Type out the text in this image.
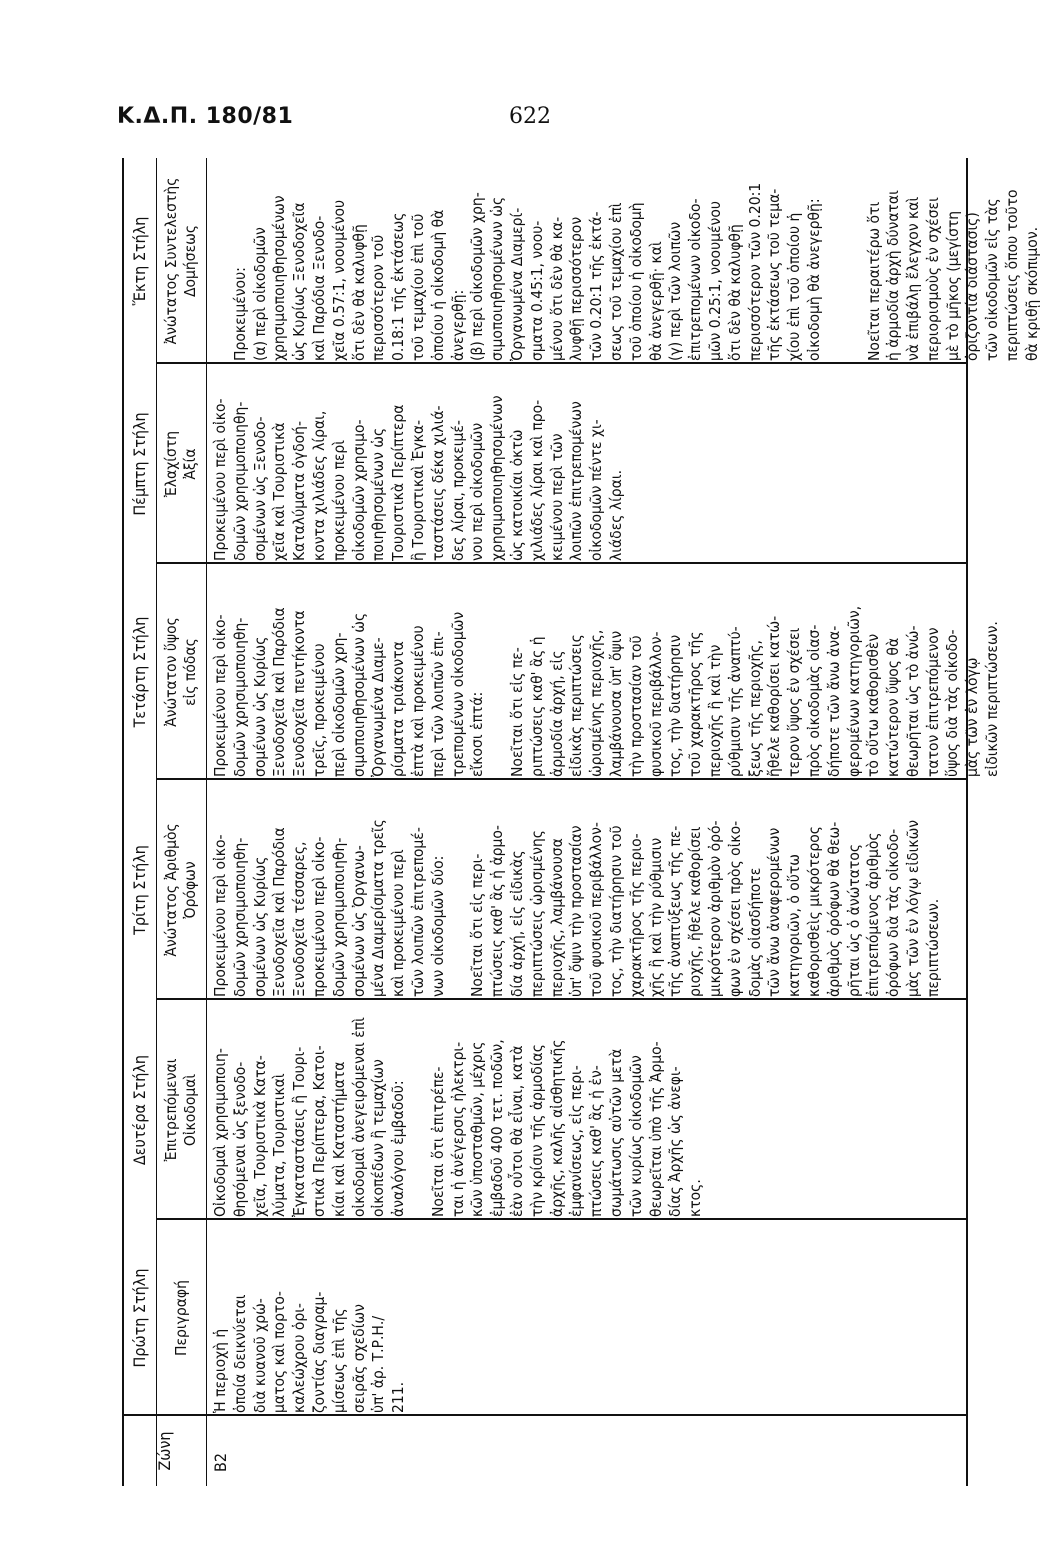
Κ.Δ.Π. 180/81	622
Πρώτη Στήλη
Δευτέρα Στήλη
Τρίτη Στήλη
Τετάρτη Στήλη
Πέμπτη Στήλη
Ἕκτη Στήλη
Ζώνη
Περιγραφή
Ἐπιτρεπόμεναι
Οἰκοδομαὶ
Ἀνώτατος Ἀριθμὸς
Ὀρόφων
Ἀνώτατον ὕψος
εἰς πόδας
Ἐλαχίστη
Ἀξία
Ἀνώτατος Συντελεστὴς
Δομήσεως
Β2
Ἡ περιοχὴ ἡ
ὁποία δεικνύεται
διὰ κυανοῦ χρώ-
ματος καὶ πορτο-
καλεώχρου ὁρι-
ζοντίας διαγραμ-
μίσεως ἐπὶ τῆς
σειρᾶς σχεδίων
ὑπ' ἀρ. Τ.Ρ.Η./
211.
Οἰκοδομαὶ χρησιμοποιη-
θησόμεναι ὡς ξενοδο-
χεῖα, Τουριστικὰ Κατα-
λύματα, Τουριστικαὶ
Ἐγκαταστάσεις ἢ Τουρι-
στικὰ Περίπτερα, Κατοι-
κίαι καὶ Καταστήματα
οἰκοδομαὶ ἀνεγειρόμεναι ἐπὶ
οἰκοπέδων ἢ τεμαχίων
ἀναλόγου ἐμβαδοῦ:

Νοεῖται ὅτι ἐπιτρέπε-
ται ἡ ἀνέγερσις ἠλεκτρι-
κῶν ὑποσταθμῶν, μέχρις
ἐμβαδοῦ 400 τετ. ποδῶν,
ἐὰν οὗτοι θὰ εἶναι, κατὰ
τὴν κρίσιν τῆς ἁρμοδίας
ἀρχῆς, καλῆς αἰσθητικῆς
ἐμφανίσεως, εἰς περι-
πτώσεις καθ' ἃς ἡ ἐν-
σωμάτωσις αὐτῶν μετὰ
τῶν κυρίως οἰκοδομῶν
θεωρεῖται ὑπὸ τῆς Ἁρμο-
δίας Ἀρχῆς ὡς ἀνεφι-
κτος.
Προκειμένου περὶ οἰκο-
δομῶν χρησιμοποιηθη-
σομένων ὡς Κυρίως
Ξενοδοχεῖα καὶ Παρόδια
Ξενοδοχεῖα τέσσαρες,
προκειμένου περὶ οἰκο-
δομῶν χρησιμοποιηθη-
σομένων ὡς Ὀργανω-
μένα Διαμερίσματα τρεῖς
καὶ προκειμένου περὶ
τῶν λοιπῶν ἐπιτρεπομέ-
νων οἰκοδομῶν δύο:

Νοεῖται ὅτι εἰς περι-
πτώσεις καθ' ἃς ἡ ἁρμο-
δία ἀρχή, εἰς εἰδικὰς
περιπτώσεις ὡρισμένης
περιοχῆς, λαμβάνουσα
ὑπ' ὄψιν τὴν προστασίαν
τοῦ φυσικοῦ περιβάλλον-
τος, τὴν διατήρησιν τοῦ
χαρακτῆρος τῆς περιο-
χῆς ἢ καὶ τὴν ρύθμισιν
τῆς ἀναπτύξεως τῆς πε-
ριοχῆς, ἤθελε καθορίσει
μικρότερον ἀριθμὸν ὀρό-
φων ἐν σχέσει πρὸς οἰκο-
δομὰς οἱασδήποτε
τῶν ἄνω ἀναφερομένων
κατηγοριῶν, ὁ οὕτω
καθορισθεὶς μικρότερος
ἀριθμὸς ὀρόφων θὰ θεω-
ρῆται ὡς ὁ ἀνώτατος
ἐπιτρεπόμενος ἀριθμὸς
ὀρόφων διὰ τὰς οἰκοδο-
μὰς τῶν ἐν λόγῳ εἰδικῶν
περιπτώσεων.
Προκειμένου περὶ οἰκο-
δομῶν χρησιμοποιηθη-
σομένων ὡς Κυρίως
Ξενοδοχεῖα καὶ Παρόδια
Ξενοδοχεῖα πεντήκοντα
τρεῖς, προκειμένου
περὶ οἰκοδομῶν χρη-
σιμοποιηθησομένων ὡς
Ὀργανωμένα Διαμε-
ρίσματα τριάκοντα
ἑπτὰ καὶ προκειμένου
περὶ τῶν λοιπῶν ἐπι-
τρεπομένων οἰκοδομῶν
εἴκοσι ἑπτά:

Νοεῖται ὅτι εἰς πε-
ριπτώσεις καθ' ἃς ἡ
ἁρμοδία ἀρχή, εἰς
εἰδικὰς περιπτώσεις
ὡρισμένης περιοχῆς,
λαμβάνουσα ὑπ' ὄψιν
τὴν προστασίαν τοῦ
φυσικοῦ περιβάλλον-
τος, τὴν διατήρησιν
τοῦ χαρακτῆρος τῆς
περιοχῆς ἢ καὶ τὴν
ρύθμισιν τῆς ἀναπτύ-
ξεως τῆς περιοχῆς,
ἤθελε καθορίσει κατώ-
τερον ὕψος ἐν σχέσει
πρὸς οἰκοδομὰς οἱασ-
δήποτε τῶν ἄνω ἀνα-
φερομένων κατηγοριῶν,
τὸ οὕτω καθορισθὲν
κατώτερον ὕψος θὰ
θεωρῆται ὡς τὸ ἀνώ-
τατον ἐπιτρεπόμενον
ὕψος διὰ τὰς οἰκοδο-
μὰς τῶν ἐν λόγῳ
εἰδικῶν περιπτώσεων.
Προκειμένου περὶ οἰκο-
δομῶν χρησιμοποιηθη-
σομένων ὡς Ξενοδο-
χεῖα καὶ Τουριστικὰ
Καταλύματα ὀγδοή-
κοντα χιλιάδες λίραι,
προκειμένου περὶ
οἰκοδομῶν χρησιμο-
ποιηθησομένων ὡς
Τουριστικὰ Περίπτερα
ἢ Τουριστικαὶ Ἐγκα-
ταστάσεις δέκα χιλιά-
δες λίραι, προκειμέ-
νου περὶ οἰκοδομῶν
χρησιμοποιηθησομένων
ὡς κατοικίαι ὀκτὼ
χιλιάδες λίραι καὶ προ-
κειμένου περὶ τῶν
λοιπῶν ἐπιτρεπομένων
οἰκοδομῶν πέντε χι-
λιάδες λίραι.

Προκειμένου:
(α) περὶ οἰκοδομῶν
χρησιμοποιηθησομένων
ὡς Κυρίως Ξενοδοχεῖα
καὶ Παρόδια Ξενοδο-
χεῖα 0.57:1, νοουμένου
ὅτι δὲν θὰ καλυφθῇ
περισσότερον τοῦ
0.18:1 τῆς ἐκτάσεως
τοῦ τεμαχίου ἐπὶ τοῦ
ὁποίου ἡ οἰκοδομὴ θὰ
ἀνεγερθῇ:
(β) περὶ οἰκοδομῶν χρη-
σιμοποιηθησομένων ὡς
Ὀργανωμένα Διαμερί-
σματα 0.45:1, νοου-
μένου ὅτι δὲν θὰ κα-
λυφθῇ περισσότερον
τῶν 0.20:1 τῆς ἐκτά-
σεως τοῦ τεμαχίου ἐπὶ
τοῦ ὁποίου ἡ οἰκοδομὴ
θὰ ἀνεγερθῇ· καὶ
(γ) περὶ τῶν λοιπῶν
ἐπιτρεπομένων οἰκοδο-
μῶν 0.25:1, νοουμένου
ὅτι δὲν θὰ καλυφθῇ
περισσότερον τῶν 0.20:1
τῆς ἐκτάσεως τοῦ τεμα-
χίου ἐπὶ τοῦ ὁποίου ἡ
οἰκοδομὴ θὰ ἀνεγερθῇ:

Νοεῖται περαιτέρω ὅτι
ἡ ἁρμοδία ἀρχὴ δύναται
νὰ ἐπιβάλῃ ἔλεγχον καὶ
περιορισμοὺς ἐν σχέσει
μὲ τὸ μῆκος (μεγίστη
ὁριζοντία διάστασις)
τῶν οἰκοδομῶν εἰς τὰς
περιπτώσεις ὅπου τοῦτο
θὰ κριθῇ σκόπιμον.
